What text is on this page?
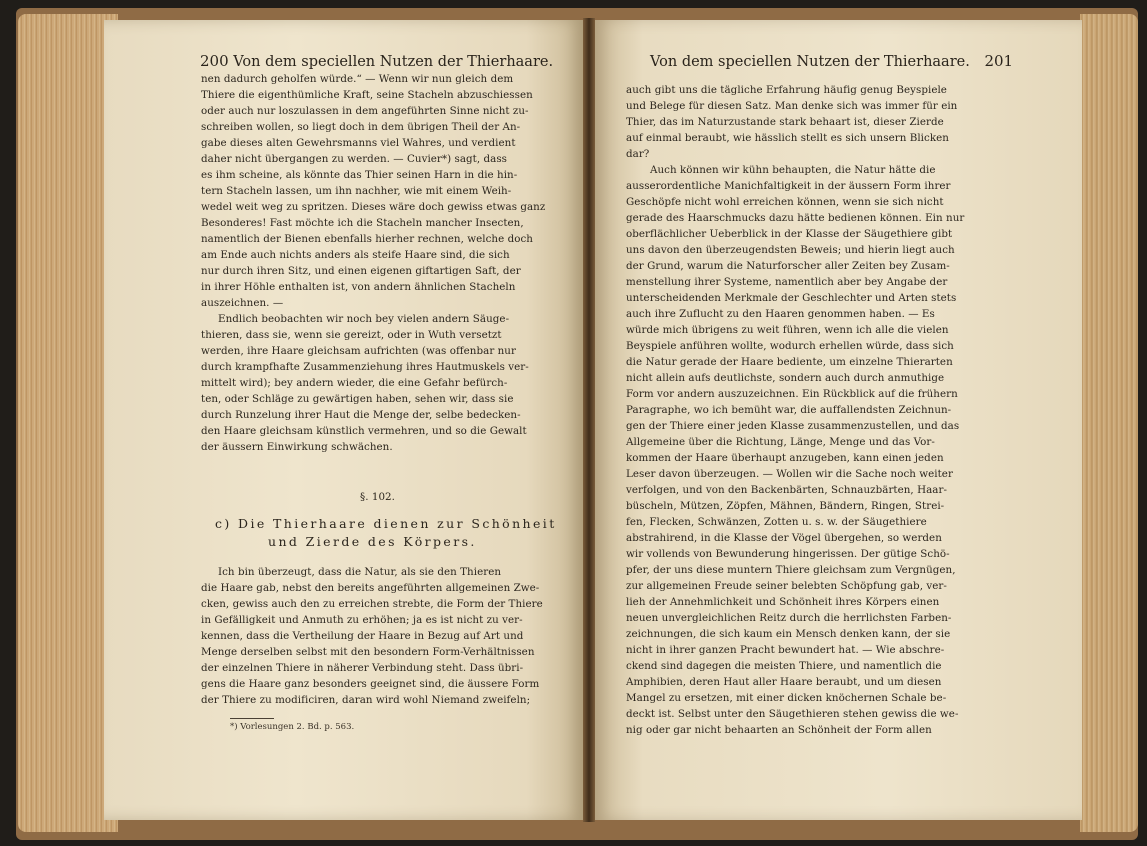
200 Von dem speciellen Nutzen der Thierhaare.	Von dem speciellen Nutzen der Thierhaare. 201
nen dadurch geholfen würde.“ — Wenn wir nun gleich dem
Thiere die eigenthümliche Kraft, seine Stacheln abzuschiessen
oder auch nur loszulassen in dem angeführten Sinne nicht zu-
schreiben wollen, so liegt doch in dem übrigen Theil der An-
gabe dieses alten Gewehrsmanns viel Wahres, und verdient
daher nicht übergangen zu werden. — Cuvier*) sagt, dass
es ihm scheine, als könnte das Thier seinen Harn in die hin-
tern Stacheln lassen, um ihn nachher, wie mit einem Weih-
wedel weit weg zu spritzen. Dieses wäre doch gewiss etwas ganz
Besonderes! Fast möchte ich die Stacheln mancher Insecten,
namentlich der Bienen ebenfalls hierher rechnen, welche doch
am Ende auch nichts anders als steife Haare sind, die sich
nur durch ihren Sitz, und einen eigenen giftartigen Saft, der
in ihrer Höhle enthalten ist, von andern ähnlichen Stacheln
auszeichnen. —
Endlich beobachten wir noch bey vielen andern Säuge-
thieren, dass sie, wenn sie gereizt, oder in Wuth versetzt
werden, ihre Haare gleichsam aufrichten (was offenbar nur
durch krampfhafte Zusammenziehung ihres Hautmuskels ver-
mittelt wird); bey andern wieder, die eine Gefahr befürch-
ten, oder Schläge zu gewärtigen haben, sehen wir, dass sie
durch Runzelung ihrer Haut die Menge der, selbe bedecken-
den Haare gleichsam künstlich vermehren, und so die Gewalt
der äussern Einwirkung schwächen.
§. 102.
c) Die Thierhaare dienen zur Schönheit
und Zierde des Körpers.
Ich bin überzeugt, dass die Natur, als sie den Thieren
die Haare gab, nebst den bereits angeführten allgemeinen Zwe-
cken, gewiss auch den zu erreichen strebte, die Form der Thiere
in Gefälligkeit und Anmuth zu erhöhen; ja es ist nicht zu ver-
kennen, dass die Vertheilung der Haare in Bezug auf Art und
Menge derselben selbst mit den besondern Form-Verhältnissen
der einzelnen Thiere in näherer Verbindung steht. Dass übri-
gens die Haare ganz besonders geeignet sind, die äussere Form
der Thiere zu modificiren, daran wird wohl Niemand zweifeln;
*) Vorlesungen 2. Bd. p. 563.
auch gibt uns die tägliche Erfahrung häufig genug Beyspiele
und Belege für diesen Satz. Man denke sich was immer für ein
Thier, das im Naturzustande stark behaart ist, dieser Zierde
auf einmal beraubt, wie hässlich stellt es sich unsern Blicken
dar?
Auch können wir kühn behaupten, die Natur hätte die
ausserordentliche Manichfaltigkeit in der äussern Form ihrer
Geschöpfe nicht wohl erreichen können, wenn sie sich nicht
gerade des Haarschmucks dazu hätte bedienen können. Ein nur
oberflächlicher Ueberblick in der Klasse der Säugethiere gibt
uns davon den überzeugendsten Beweis; und hierin liegt auch
der Grund, warum die Naturforscher aller Zeiten bey Zusam-
menstellung ihrer Systeme, namentlich aber bey Angabe der
unterscheidenden Merkmale der Geschlechter und Arten stets
auch ihre Zuflucht zu den Haaren genommen haben. — Es
würde mich übrigens zu weit führen, wenn ich alle die vielen
Beyspiele anführen wollte, wodurch erhellen würde, dass sich
die Natur gerade der Haare bediente, um einzelne Thierarten
nicht allein aufs deutlichste, sondern auch durch anmuthige
Form vor andern auszuzeichnen. Ein Rückblick auf die frühern
Paragraphe, wo ich bemüht war, die auffallendsten Zeichnun-
gen der Thiere einer jeden Klasse zusammenzustellen, und das
Allgemeine über die Richtung, Länge, Menge und das Vor-
kommen der Haare überhaupt anzugeben, kann einen jeden
Leser davon überzeugen. — Wollen wir die Sache noch weiter
verfolgen, und von den Backenbärten, Schnauzbärten, Haar-
büscheln, Mützen, Zöpfen, Mähnen, Bändern, Ringen, Strei-
fen, Flecken, Schwänzen, Zotten u. s. w. der Säugethiere
abstrahirend, in die Klasse der Vögel übergehen, so werden
wir vollends von Bewunderung hingerissen. Der gütige Schö-
pfer, der uns diese muntern Thiere gleichsam zum Vergnügen,
zur allgemeinen Freude seiner belebten Schöpfung gab, ver-
lieh der Annehmlichkeit und Schönheit ihres Körpers einen
neuen unvergleichlichen Reitz durch die herrlichsten Farben-
zeichnungen, die sich kaum ein Mensch denken kann, der sie
nicht in ihrer ganzen Pracht bewundert hat. — Wie abschre-
ckend sind dagegen die meisten Thiere, und namentlich die
Amphibien, deren Haut aller Haare beraubt, und um diesen
Mangel zu ersetzen, mit einer dicken knöchernen Schale be-
deckt ist. Selbst unter den Säugethieren stehen gewiss die we-
nig oder gar nicht behaarten an Schönheit der Form allen
